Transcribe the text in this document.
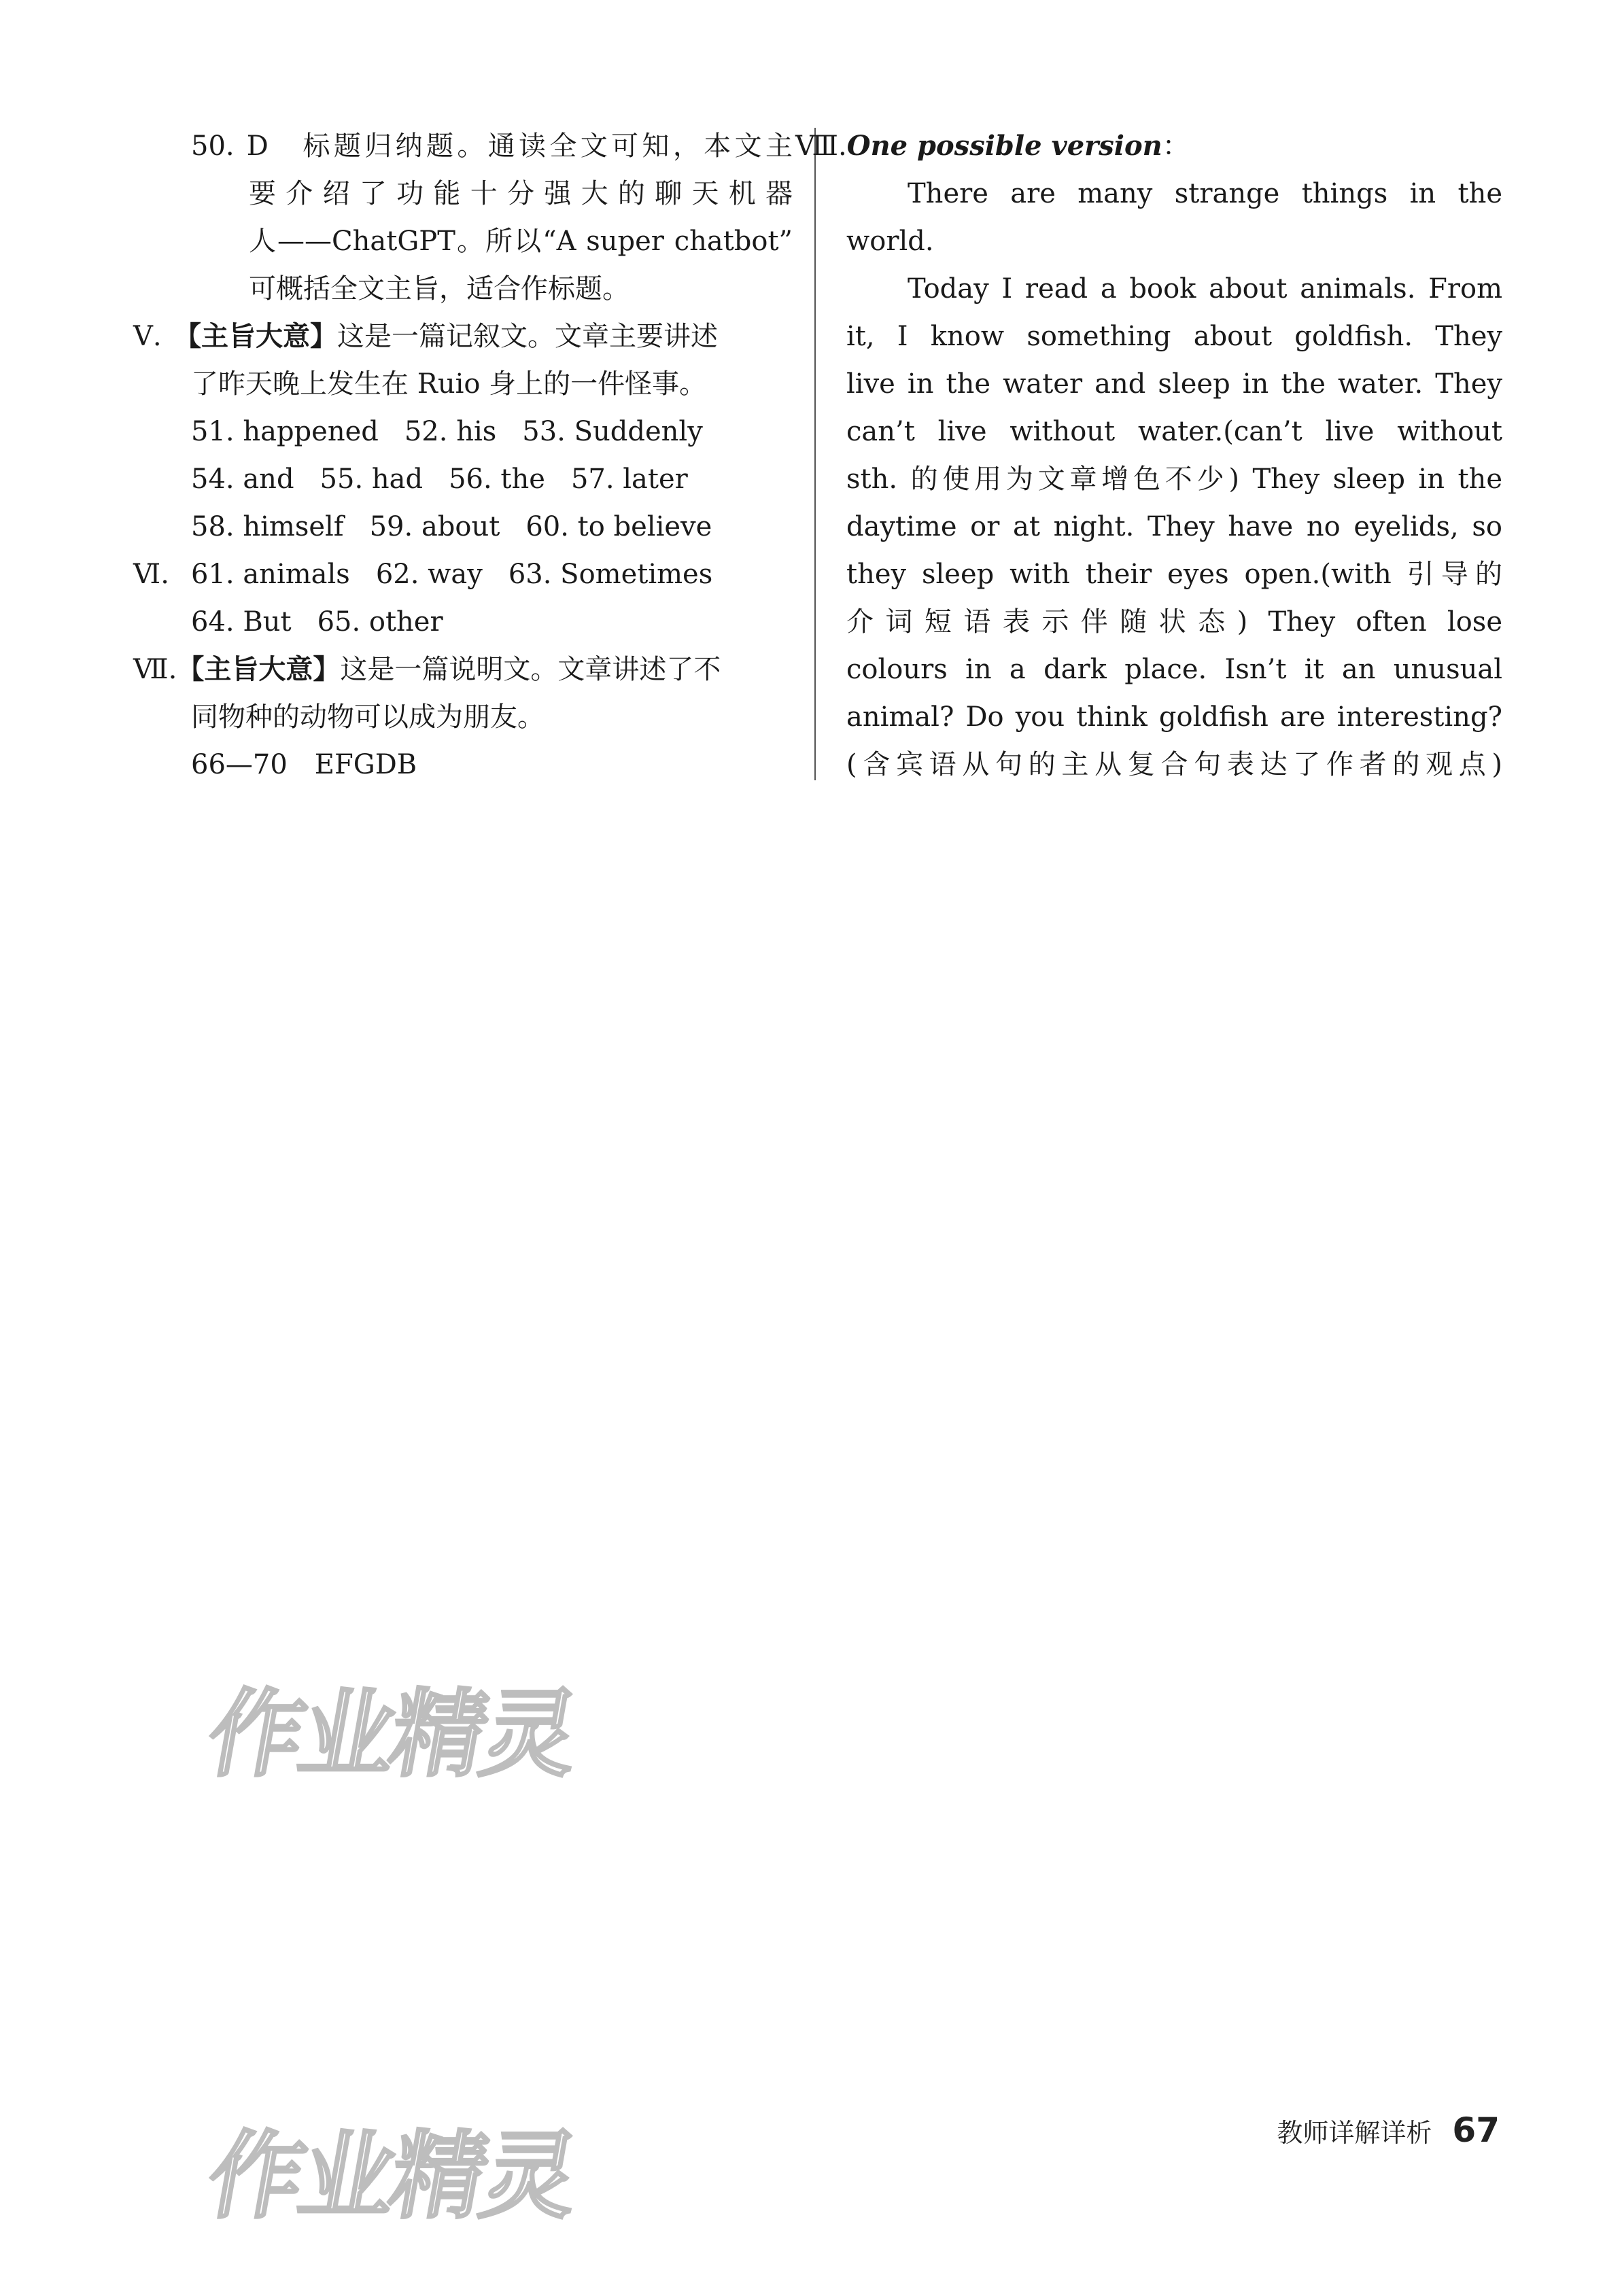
50. D　标题归纳题。通读全文可知，本文主
要介绍了功能十分强大的聊天机器
人——ChatGPT。所以“A super chatbot”
可概括全文主旨，适合作标题。
Ⅴ. 【主旨大意】这是一篇记叙文。文章主要讲述
了昨天晚上发生在 Ruio 身上的一件怪事。
51. happened 52. his 53. Suddenly
54. and 55. had 56. the 57. later
58. himself 59. about 60. to believe
Ⅵ. 61. animals 62. way 63. Sometimes
64. But 65. other
Ⅶ.【主旨大意】这是一篇说明文。文章讲述了不
同物种的动物可以成为朋友。
66—70　EFGDB
Ⅷ.One possible version：
There are many strange things in the
world.
Today I read a book about animals. From
it, I know something about goldfish. They
live in the water and sleep in the water. They
can’t live without water.(can’t live without
sth. 的使用为文章增色不少) They sleep in the
daytime or at night. They have no eyelids, so
they sleep with their eyes open.(with 引导的
介词短语表示伴随状态) They often lose
colours in a dark place. Isn’t it an unusual
animal? Do you think goldfish are interesting?
(含宾语从句的主从复合句表达了作者的观点)
作业精灵
作业精灵	教师详解详析 67
